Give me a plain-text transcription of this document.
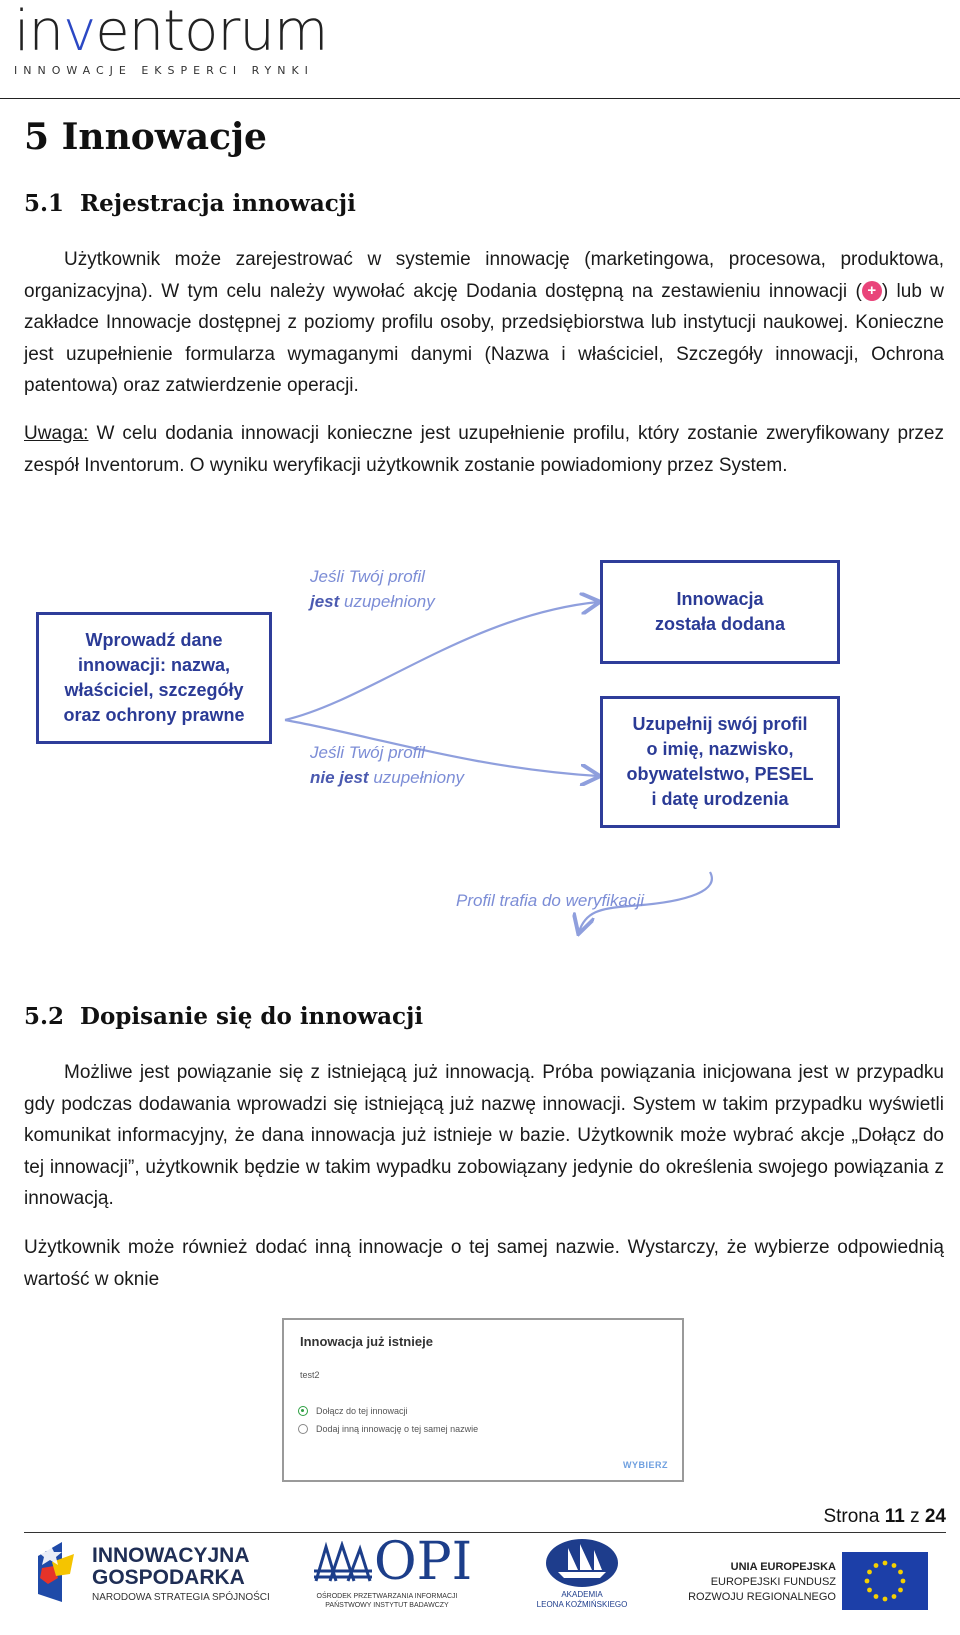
inventorum
INNOWACJE EKSPERCI RYNKI
5 Innowacje
5.1 Rejestracja innowacji
Użytkownik może zarejestrować w systemie innowację (marketingowa, procesowa, produktowa, organizacyjna). W tym celu należy wywołać akcję Dodania dostępną na zestawieniu innowacji ( + ) lub w zakładce Innowacje dostępnej z poziomy profilu osoby, przedsiębiorstwa lub instytucji naukowej. Konieczne jest uzupełnienie formularza wymaganymi danymi (Nazwa i właściciel, Szczegóły innowacji, Ochrona patentowa) oraz zatwierdzenie operacji.
Uwaga: W celu dodania innowacji konieczne jest uzupełnienie profilu, który zostanie zweryfikowany przez zespół Inventorum. O wyniku weryfikacji użytkownik zostanie powiadomiony przez System.
Wprowadź dane
innowacji: nazwa,
właściciel, szczegóły
oraz ochrony prawne
Jeśli Twój profil
jest uzupełniony	Innowacja
została dodana
Jeśli Twój profil
nie jest uzupełniony
Uzupełnij swój profil
o imię, nazwisko,
obywatelstwo, PESEL
i datę urodzenia
Profil trafia do weryfikacji
5.2 Dopisanie się do innowacji
Możliwe jest powiązanie się z istniejącą już innowacją. Próba powiązania inicjowana jest w przypadku gdy podczas dodawania wprowadzi się istniejącą już nazwę innowacji. System w takim przypadku wyświetli komunikat informacyjny, że dana innowacja już istnieje w bazie. Użytkownik może wybrać akcje „Dołącz do tej innowacji”, użytkownik będzie w takim wypadku zobowiązany jedynie do określenia swojego powiązania z innowacją.
Użytkownik może również dodać inną innowacje o tej samej nazwie. Wystarczy, że wybierze odpowiednią wartość w oknie
Innowacja już istnieje
test2
Dołącz do tej innowacji
Dodaj inną innowację o tej samej nazwie
WYBIERZ
Strona 11 z 24
INNOWACYJNA
GOSPODARKA
NARODOWA STRATEGIA SPÓJNOŚCI
OPI
OŚRODEK PRZETWARZANIA INFORMACJI
PAŃSTWOWY INSTYTUT BADAWCZY
AKADEMIA
LEONA KOŹMIŃSKIEGO
UNIA EUROPEJSKA
EUROPEJSKI FUNDUSZ
ROZWOJU REGIONALNEGO
